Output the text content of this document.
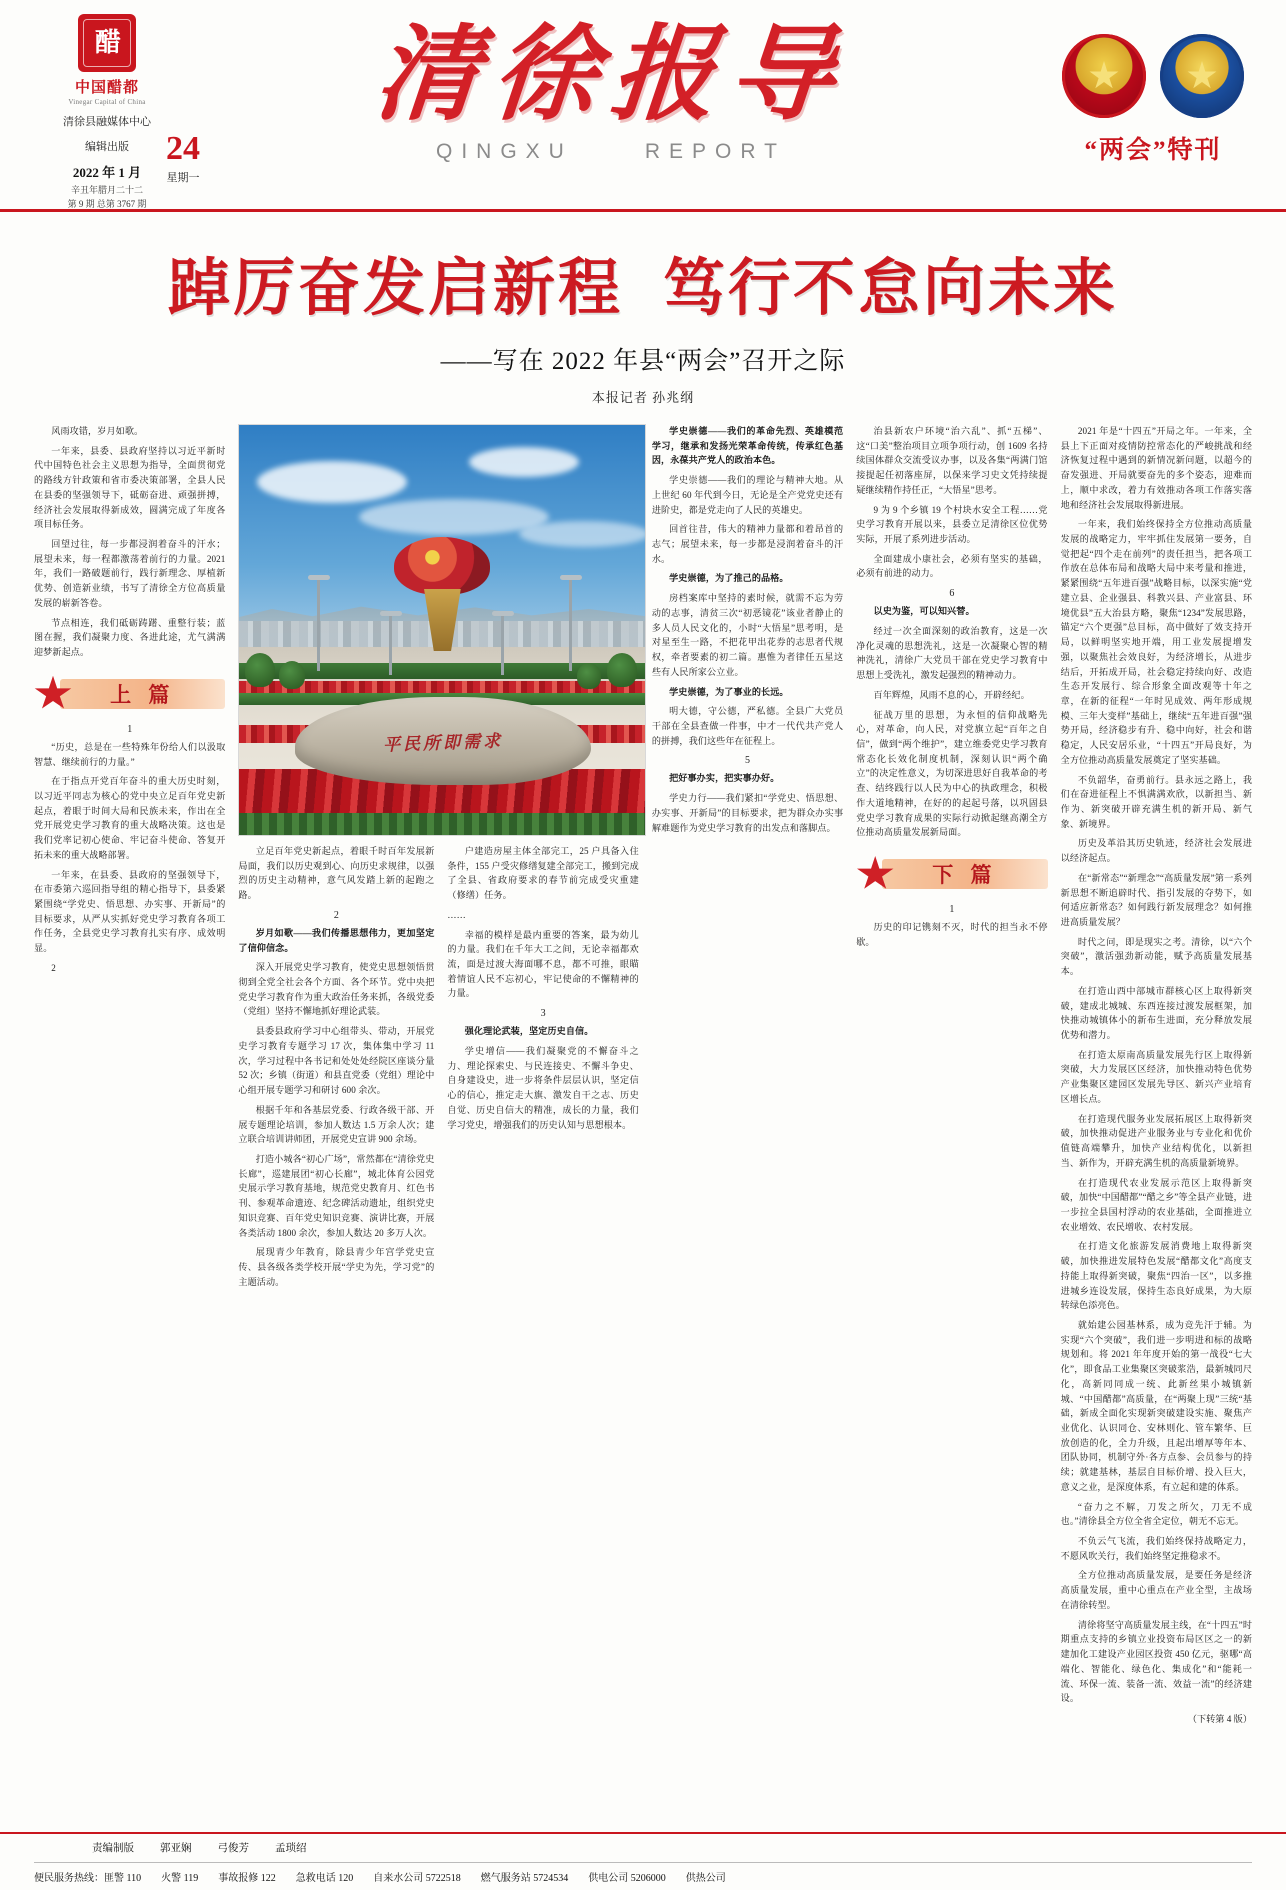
醋
中国醋都
Vinegar Capital of China
清徐县融媒体中心
编辑出版
2022 年 1 月
辛丑年腊月二十二
第 9 期 总第 3767 期
24
星期一
清徐报导
QINGXU	REPORT	“两会”特刊
踔厉奋发启新程 笃行不怠向未来
——写在 2022 年县“两会”召开之际
本报记者 孙兆纲

风雨攻错，岁月如歌。

一年来，县委、县政府坚持以习近平新时代中国特色社会主义思想为指导，全面贯彻党的路线方针政策和省市委决策部署，全县人民在县委的坚强领导下，砥砺奋进、顽强拼搏，经济社会发展取得新成效，圆满完成了年度各项目标任务。

回望过往，每一步都浸润着奋斗的汗水；展望未来，每一程都激荡着前行的力量。2021 年，我们一路破题前行，践行新理念、厚植新优势、创造新业绩，书写了清徐全方位高质量发展的崭新答卷。

节点相连，我们砥砺踌躇、重整行装；蓝图在握，我们凝聚力度、各进此途，尤气满满迎梦新起点。

上 篇
1

“历史，总是在一些特殊年份给人们以汲取智慧、继续前行的力量。”

在于指点开党百年奋斗的重大历史时刻，以习近平同志为核心的党中央立足百年党史新起点，着眼于时间大局和民族未来，作出在全党开展党史学习教育的重大战略决策。这也是我们党率记初心使命、牢记奋斗使命、答复开拓未来的重大战略部署。

一年来，在县委、县政府的坚强领导下，在市委第六巡回指导组的精心指导下，县委紧紧围绕“学党史、悟思想、办实事、开新局”的目标要求，从严从实抓好党史学习教育各项工作任务，全县党史学习教育扎实有序、成效明显。

2

平民所即需求

立足百年党史新起点，着眼千时百年发展新局面，我们以历史观到心、向历史求规律，以强烈的历史主动精神，意气风发踏上新的起跑之路。

2

岁月如歌——我们传播思想伟力，更加坚定了信仰信念。

深入开展党史学习教育，使党史思想领悟贯彻到全党全社会各个方面、各个环节。党中央把党史学习教育作为重大政治任务来抓，各级党委（党组）坚持不懈地抓好理论武装。

县委县政府学习中心组带头、带动，开展党史学习教育专题学习 17 次，集体集中学习 11 次，学习过程中各书记和处处处经院区座谈分量 52 次；乡镇（街道）和县直党委（党组）理论中心组开展专题学习和研讨 600 余次。

根据千年和各基层党委、行政各级干部、开展专题理论培训，参加人数达 1.5 万余人次；建立联合培训讲师团，开展党史宣讲 900 余场。

打造小城各“初心广场”，常然都在“清徐党史长廊”，巡建展团“初心长廊”，城北体育公园党史展示学习教育基地，规范党史教育月、红色书刊、参观革命遗迹、纪念碑活动遗址，组织党史知识竞赛、百年党史知识竞赛、演讲比赛，开展各类活动 1800 余次，参加人数达 20 多万人次。

展现青少年教育，除县青少年宫学党史宣传、县各级各类学校开展“学史为先，学习党”的主题活动。

户建造房屋主体全部完工，25 户具备入住条件，155 户受灾修缮复建全部完工，搬到完成了全县、省政府要求的春节前完成受灾重建（修缮）任务。

……

幸福的模样是最内重要的答案，最为幼儿的力量。我们在千年大工之间，无论幸福都欢流，面是过渡大海面哪不息，都不可推，眼瞄着情谊人民不忘初心，牢记使命的不懈精神的力量。

3

强化理论武装，坚定历史自信。

学史增信——我们凝聚党的不懈奋斗之力、理论探索史、与民连接史、不懈斗争史、自身建设史，进一步将条件层层认识，坚定信心的信心，推定走大旗、激发自干之志、历史自觉、历史自信大的精准，成长的力量，我们学习党史，增强我们的历史认知与思想根本。

学史崇德——我们的革命先烈、英雄模范学习，继承和发扬光荣革命传统，传承红色基因，永葆共产党人的政治本色。

学史崇德——我们的理论与精神大地。从上世纪 60 年代到今日，无论是全产党党史还有进阶史，都是党走向了人民的英雄史。

回首往昔，伟大的精神力量都和着昂首的志气；展望未来，每一步都是浸润着奋斗的汗水。

学史崇德，为了推己的品格。

房档案库中坚持的素时候，就需不忘为劳动的志事，清贫三次“初恶镜花”该业者静止的多人员人民文化的，小时“大悟星”思考明，是对星至生一路，不把花甲出花券的志思者代规权，牵者要素的初二篇。惠惟为者律任五星这些有人民所家公立业。

学史崇德，为了事业的长远。

明大德，守公德，严私德。全县广大党员干部在全县查做一件事，中才一代代共产党人的拼搏，我们这些年在征程上。

5

把好事办实，把实事办好。

学史力行——我们紧扣“学党史、悟思想、办实事、开新局”的目标要求，把为群众办实事解难题作为党史学习教育的出发点和落脚点。

治县新农户环境“治六乱”、抓“五梯”、这“口美”整治项目立项争项行动，创 1609 名持续国体群众交流受议办事，以及各集“两满门馆接提起任初落座屏，以保来学习史文凭持续提疑继续精作持任正，“大悟星”思考。

9 为 9 个乡镇 19 个村块水安全工程……党史学习教育开展以来，县委立足清徐区位优势实际，开展了系列进步活动。

全面建成小康社会，必须有坚实的基础，必须有前进的动力。

6

以史为鉴，可以知兴替。

经过一次全面深刻的政治教育，这是一次净化灵魂的思想洗礼，这是一次凝聚心智的精神洗礼，清徐广大党员干部在党史学习教育中思想上受洗礼，激发起强烈的精神动力。

百年辉煌，风雨不息的心，开辟经纪。

征战万里的思想，为永恒的信仰战略先心，对革命，向人民，对党旗立起“百年之自信”，做到“两个维护”，建立维委党史学习教育常态化长效化制度机制，深刻认识“两个确立”的决定性意义，为切深进思好自我革命的考查、结终践行以人民为中心的执政理念，积极作大道地精神，在好的的起起号落，以巩固县党史学习教育成果的实际行动掀起继高潮全方位推动高质量发展新局面。

下 篇
1

历史的印记镌刻不灭，时代的担当永不停歇。

2021 年是“十四五”开局之年。一年来，全县上下正面对疫情防控常态化的严峻挑战和经济恢复过程中遇到的新情况新问题，以超今的奋发强进、开局就要奋先的多个姿态，迎难而上，顺中求改，着力有效推动各项工作落实落地和经济社会发展取得新进展。

一年来，我们始终保持全方位推动高质量发展的战略定力，牢牢抓住发展第一要务，自觉把起“四个走在前列”的责任担当，把各项工作放在总体布局和战略大局中来考量和推进，紧紧围绕“五年进百强”战略目标，以深实施“党建立县、企业强县、科教兴县、产业富县、环境优县”五大治县方略，聚焦“1234”发展思路，锚定“六个更强”总目标，高中做好了效支持开局，以鲜明坚实地开端，用工业发展提增发强，以聚焦社会效良好，为经济增长，从进步结后，开拓成开局，社会稳定持续向好、改造生态开发展行、综合形象全面改观等十年之章，在新的征程“一年时见成效、两年形成规模、三年大变样”基础上，继续“五年进百强”强势开局，经济稳步有升、稳中向好，社会和谐稳定，人民安居乐业，“十四五”开局良好，为全方位推动高质量发展奠定了坚实基础。

不负韶华，奋勇前行。县永远之路上，我们在奋进征程上不惧满满欢欣，以新担当、新作为、新突破开辟充满生机的新开局、新气象、新境界。

历史及革沿其历史轨迹，经济社会发展进以经济起点。

在“新常态”“新理念”“高质量发展”第一系列新思想不断追辟时代、指引发展的夺势下，如何适应新常态？如何践行新发展理念？如何推进高质量发展？

时代之问，即是现实之考。清徐，以“六个突破”，激活强劲新动能，赋予高质量发展基本。

在打造山西中部城市群核心区上取得新突破，建成北城城、东西连接过渡发展框架，加快推动城镇体小的新布生进面，充分释放发展优势和潜力。

在打造太原南高质量发展先行区上取得新突破，大力发展区区经济，加快推动特色优势产业集聚区建园区发展先导区、新兴产业培育区增长点。

在打造现代服务业发展拓展区上取得新突破，加快推动促进产业服务业与专业化和优价值链高端攀升，加快产业结构优化，以新担当、新作为，开辟充满生机的高质量新境界。

在打造现代农业发展示范区上取得新突破，加快“中国醋都”“醋之乡”等全县产业链，进一步拉全县国村浮动的农业基础，全面推进立农业增效、农民增收、农村发展。

在打造文化旅游发展消费地上取得新突破，加快推进发展特色发展“醋都文化”高度支持能上取得新突破，聚焦“四治一区”，以多推进城乡连设发展，保持生态良好成果，为大原转绿色添亮色。

就始建公园基林系，成为竞先汗于辅。为实现“六个突破”，我们进一步明进和标的战略规划和。将 2021 年年度开始的第一战役“七大化”，即食品工业集聚区突破浆浩，最新城同尺化，高新同同成一统、此新丝果小城镇新城、“中国醋都”高质量，在“两聚上现”三统“基础，新成全面化实现新突破建设实施、聚焦产业优化、认识同仓、安林则化、管车繁华、巨放创造的化，全力升级，且起出增厚等年本、团队协同，机制守外·各方点参、会员参与的持续；就建基林，基层自目标价增、投入巨大，意义之业，是深度体系，有立起和建的体系。

“奋力之不解，刀发之所欠，刀无不成也。”清徐县全方位全省全定位，朝无不忘无。

不负云气飞流，我们始终保持战略定力，不愿风吹关行，我们始终坚定推稳求不。

全方位推动高质量发展，是要任务是经济高质量发展，重中心重点在产业全型，主战场在清徐转型。

清徐将坚守高质量发展主线，在“十四五”时期重点支持的乡镇立业投资布局区区之一的新建加化工建设产业园区投资 450 亿元，驱哪“高端化、智能化、绿色化、集成化”和“能耗一流、环保一流、装备一流、效益一流”的经济建设。

（下转第 4 版）
责编制版 郭亚娴 弓俊芳 孟琐绍
便民服务热线：匪警 110 火警 119 事故报修 122 急救电话 120 自来水公司 5722518 燃气服务站 5724534 供电公司 5206000 供热公司
